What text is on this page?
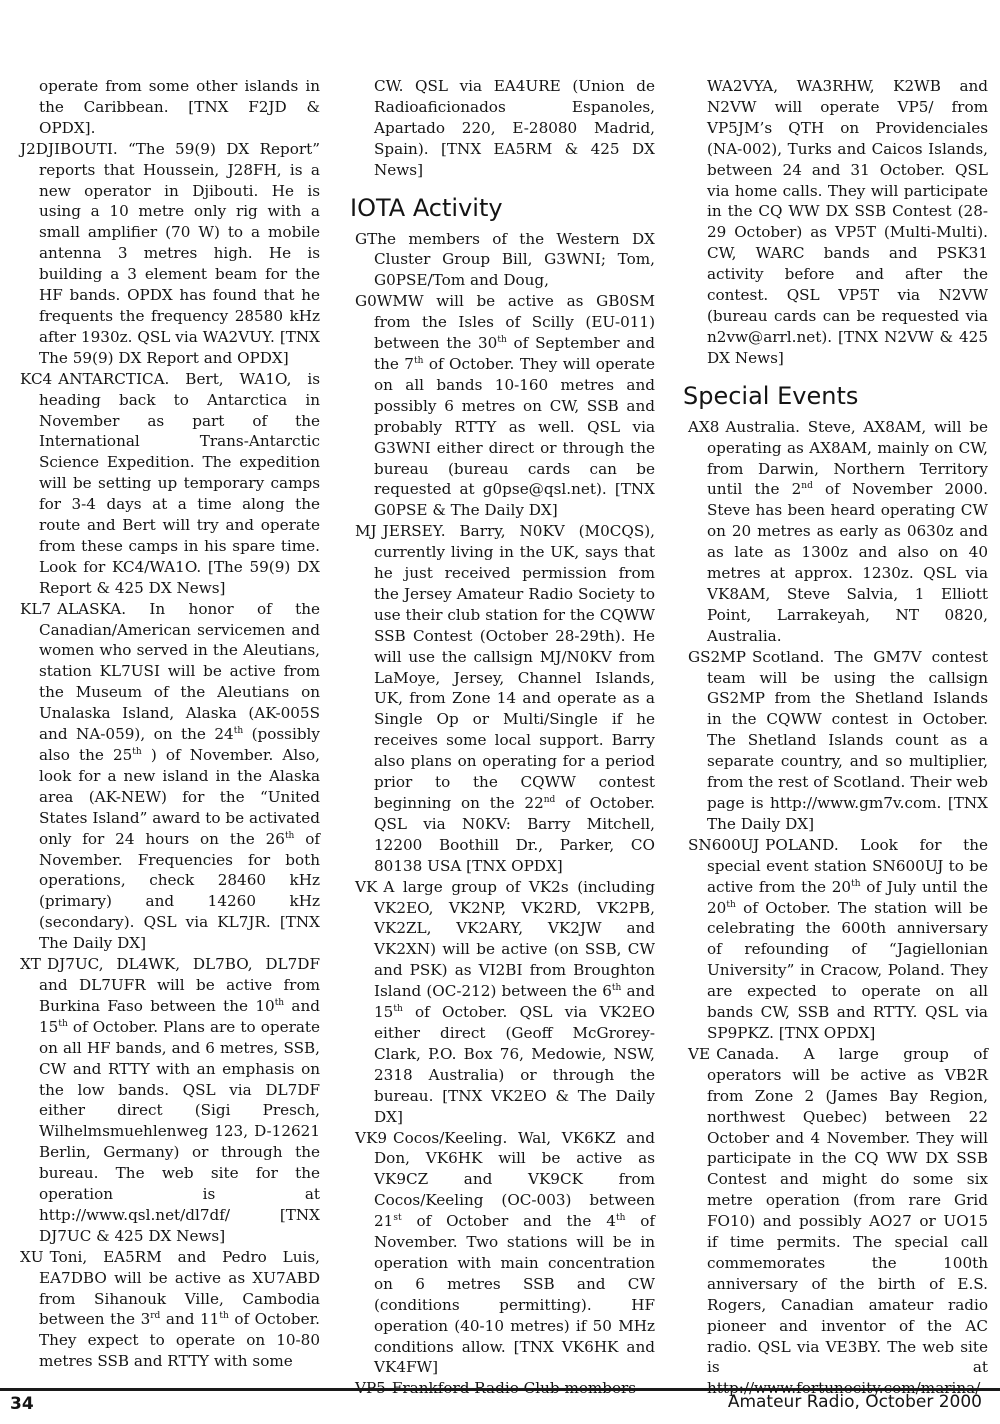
operate from some other islands in the Caribbean. [TNX F2JD & OPDX].

J2DJIBOUTI. “The 59(9) DX Report” reports that Houssein, J28FH, is a new operator in Djibouti. He is using a 10 metre only rig with a small amplifier (70 W) to a mobile antenna 3 metres high. He is building a 3 element beam for the HF bands. OPDX has found that he frequents the frequency 28580 kHz after 1930z. QSL via WA2VUY. [TNX The 59(9) DX Report and OPDX]

KC4 ANTARCTICA. Bert, WA1O, is heading back to Antarctica in November as part of the International Trans-Antarctic Science Expedition. The expedition will be setting up temporary camps for 3-4 days at a time along the route and Bert will try and operate from these camps in his spare time. Look for KC4/WA1O. [The 59(9) DX Report & 425 DX News]

KL7 ALASKA. In honor of the Canadian/American servicemen and women who served in the Aleutians, station KL7USI will be active from the Museum of the Aleutians on Unalaska Island, Alaska (AK-005S and NA-059), on the 24th (possibly also the 25th ) of November. Also, look for a new island in the Alaska area (AK-NEW) for the “United States Island” award to be activated only for 24 hours on the 26th of November. Frequencies for both operations, check 28460 kHz (primary) and 14260 kHz (secondary). QSL via KL7JR. [TNX The Daily DX]

XT DJ7UC, DL4WK, DL7BO, DL7DF and DL7UFR will be active from Burkina Faso between the 10th and 15th of October. Plans are to operate on all HF bands, and 6 metres, SSB, CW and RTTY with an emphasis on the low bands. QSL via DL7DF either direct (Sigi Presch, Wilhelmsmuehlenweg 123, D-12621 Berlin, Germany) or through the bureau. The web site for the operation is at http://www.qsl.net/dl7df/ [TNX DJ7UC & 425 DX News]

XU Toni, EA5RM and Pedro Luis, EA7DBO will be active as XU7ABD from Sihanouk Ville, Cambodia between the 3rd and 11th of October. They expect to operate on 10-80 metres SSB and RTTY with some

CW. QSL via EA4URE (Union de Radioaficionados Espanoles, Apartado 220, E-28080 Madrid, Spain). [TNX EA5RM & 425 DX News]

IOTA Activity

GThe members of the Western DX Cluster Group Bill, G3WNI; Tom, G0PSE/Tom and Doug,

G0WMW will be active as GB0SM from the Isles of Scilly (EU-011) between the 30th of September and the 7th of October. They will operate on all bands 10-160 metres and possibly 6 metres on CW, SSB and probably RTTY as well. QSL via G3WNI either direct or through the bureau (bureau cards can be requested at g0pse@qsl.net). [TNX G0PSE & The Daily DX]

MJ JERSEY. Barry, N0KV (M0CQS), currently living in the UK, says that he just received permission from the Jersey Amateur Radio Society to use their club station for the CQWW SSB Contest (October 28-29th). He will use the callsign MJ/N0KV from LaMoye, Jersey, Channel Islands, UK, from Zone 14 and operate as a Single Op or Multi/Single if he receives some local support. Barry also plans on operating for a period prior to the CQWW contest beginning on the 22nd of October. QSL via N0KV: Barry Mitchell, 12200 Boothill Dr., Parker, CO 80138 USA [TNX OPDX]

VK A large group of VK2s (including VK2EO, VK2NP, VK2RD, VK2PB, VK2ZL, VK2ARY, VK2JW and VK2XN) will be active (on SSB, CW and PSK) as VI2BI from Broughton Island (OC-212) between the 6th and 15th of October. QSL via VK2EO either direct (Geoff McGrorey-Clark, P.O. Box 76, Medowie, NSW, 2318 Australia) or through the bureau. [TNX VK2EO & The Daily DX]

VK9 Cocos/Keeling. Wal, VK6KZ and Don, VK6HK will be active as VK9CZ and VK9CK from Cocos/Keeling (OC-003) between 21st of October and the 4th of November. Two stations will be in operation with main concentration on 6 metres SSB and CW (conditions permitting). HF operation (40-10 metres) if 50 MHz conditions allow. [TNX VK6HK and VK4FW]

WA2VYA, WA3RHW, K2WB and N2VW will operate VP5/ from VP5JM’s QTH on Providenciales (NA-002), Turks and Caicos Islands, between 24 and 31 October. QSL via home calls. They will participate in the CQ WW DX SSB Contest (28-29 October) as VP5T (Multi-Multi). CW, WARC bands and PSK31 activity before and after the contest. QSL VP5T via N2VW (bureau cards can be requested via n2vw@arrl.net). [TNX N2VW & 425 DX News]

Special Events

AX8 Australia. Steve, AX8AM, will be operating as AX8AM, mainly on CW, from Darwin, Northern Territory until the 2nd of November 2000. Steve has been heard operating CW on 20 metres as early as 0630z and as late as 1300z and also on 40 metres at approx. 1230z. QSL via VK8AM, Steve Salvia, 1 Elliott Point, Larrakeyah, NT 0820, Australia.

GS2MP Scotland. The GM7V contest team will be using the callsign GS2MP from the Shetland Islands in the CQWW contest in October. The Shetland Islands count as a separate country, and so multiplier, from the rest of Scotland. Their web page is http://www.gm7v.com. [TNX The Daily DX]

SN600UJ POLAND. Look for the special event station SN600UJ to be active from the 20th of July until the 20th of October. The station will be celebrating the 600th anniversary of refounding of “Jagiellonian University” in Cracow, Poland. They are expected to operate on all bands CW, SSB and RTTY. QSL via SP9PKZ. [TNX OPDX]

VE Canada. A large group of operators will be active as VB2R from Zone 2 (James Bay Region, northwest Quebec) between 22 October and 4 November. They will participate in the CQ WW DX SSB Contest and might do some six metre operation (from rare Grid FO10) and possibly AO27 or UO15 if time permits. The special call commemorates the 100th anniversary of the birth of E.S. Rogers, Canadian amateur radio pioneer and inventor of the AC radio. QSL via VE3BY. The web site is at

34	Amateur Radio, October 2000
